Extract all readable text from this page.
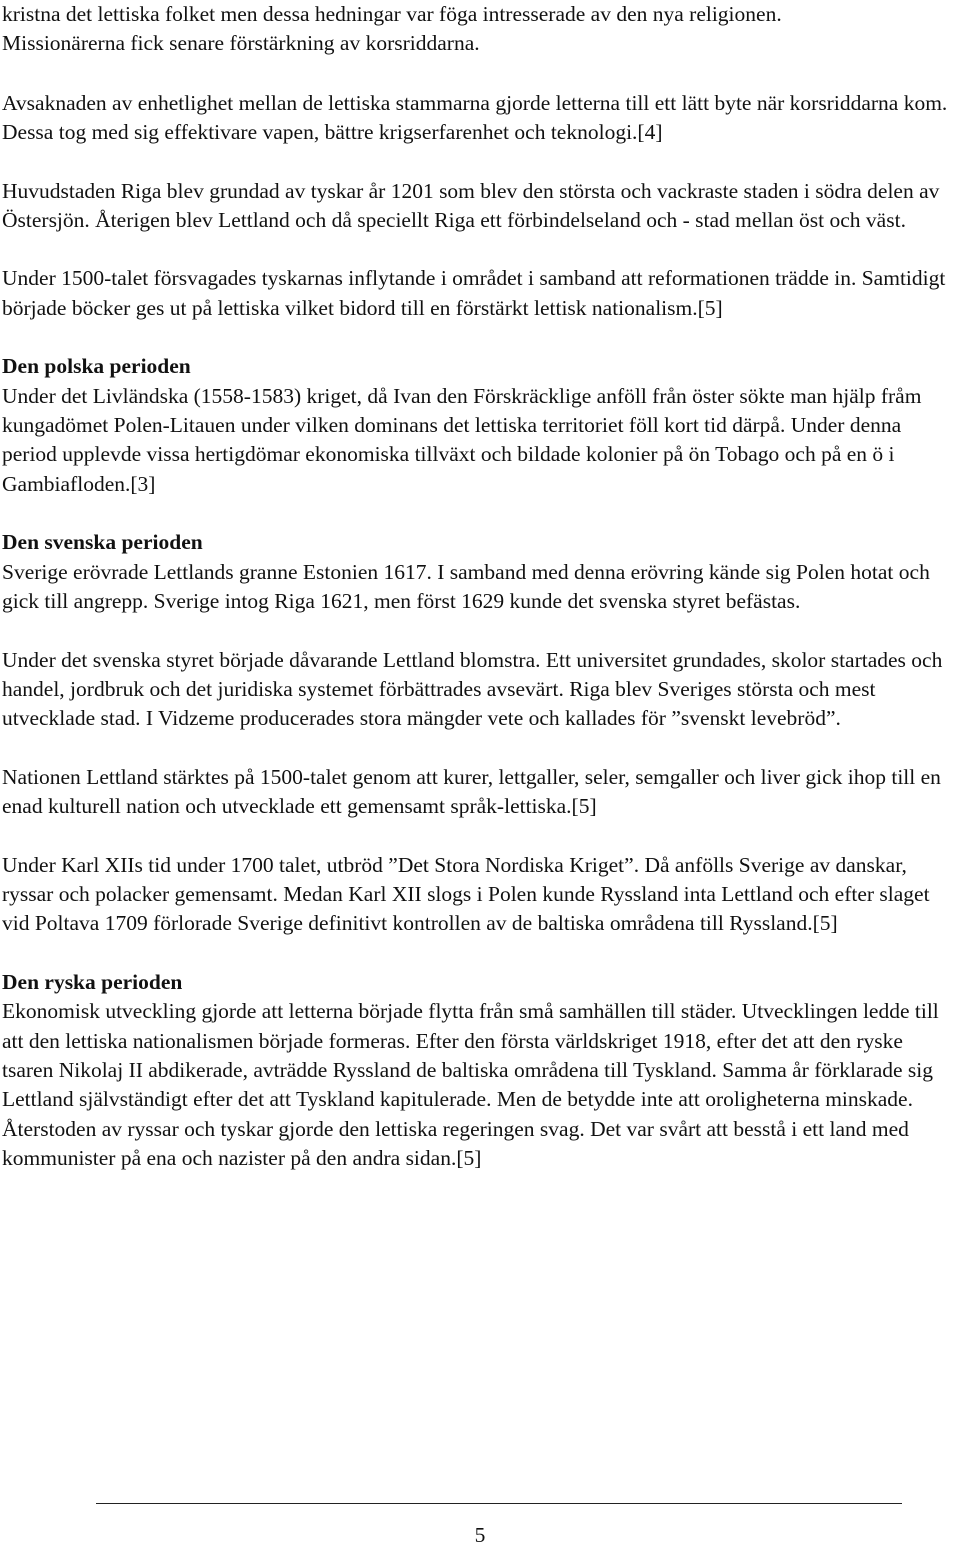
kristna det lettiska folket men dessa hedningar var föga intresserade av den nya religionen.

Missionärerna fick senare förstärkning av korsriddarna.

Avsaknaden av enhetlighet mellan de lettiska stammarna gjorde letterna till ett lätt byte när korsriddarna kom. Dessa tog med sig effektivare vapen, bättre krigserfarenhet och teknologi.[4]

Huvudstaden Riga blev grundad av tyskar år 1201 som blev den största och vackraste staden i södra delen av Östersjön. Återigen blev Lettland och då speciellt Riga ett förbindelseland och - stad mellan öst och väst.

Under 1500-talet försvagades tyskarnas inflytande i området i samband att reformationen trädde in. Samtidigt började böcker ges ut på lettiska vilket bidord till en förstärkt lettisk nationalism.[5]

Den polska perioden

Under det Livländska (1558-1583) kriget, då Ivan den Förskräcklige anföll från öster sökte man hjälp fråm kungadömet Polen-Litauen under vilken dominans det lettiska territoriet föll kort tid därpå. Under denna period upplevde vissa hertigdömar ekonomiska tillväxt och bildade kolonier på ön Tobago och på en ö i Gambiafloden.[3]

Den svenska perioden

Sverige erövrade Lettlands granne Estonien 1617. I samband med denna erövring kände sig Polen hotat och gick till angrepp. Sverige intog Riga 1621, men först 1629 kunde det svenska styret befästas.

Under det svenska styret började dåvarande Lettland blomstra. Ett universitet grundades, skolor startades och handel, jordbruk och det juridiska systemet förbättrades avsevärt. Riga blev Sveriges största och mest utvecklade stad. I Vidzeme producerades stora mängder vete och kallades för ”svenskt levebröd”.

Nationen Lettland stärktes på 1500-talet genom att kurer, lettgaller, seler, semgaller och liver gick ihop till en enad kulturell nation och utvecklade ett gemensamt språk-lettiska.[5]

Under Karl XIIs tid under 1700 talet, utbröd ”Det Stora Nordiska Kriget”. Då anfölls Sverige av danskar, ryssar och polacker gemensamt. Medan Karl XII slogs i Polen kunde Ryssland inta Lettland och efter slaget vid Poltava 1709 förlorade Sverige definitivt kontrollen av de baltiska områdena till Ryssland.[5]

Den ryska perioden

Ekonomisk utveckling gjorde att letterna började flytta från små samhällen till städer. Utvecklingen ledde till att den lettiska nationalismen började formeras. Efter den första världskriget 1918, efter det att den ryske tsaren Nikolaj II abdikerade, avträdde Ryssland de baltiska områdena till Tyskland. Samma år förklarade sig Lettland självständigt efter det att Tyskland kapitulerade. Men de betydde inte att oroligheterna minskade. Återstoden av ryssar och tyskar gjorde den lettiska regeringen svag. Det var svårt att besstå i ett land med kommunister på ena och nazister på den andra sidan.[5]

5
